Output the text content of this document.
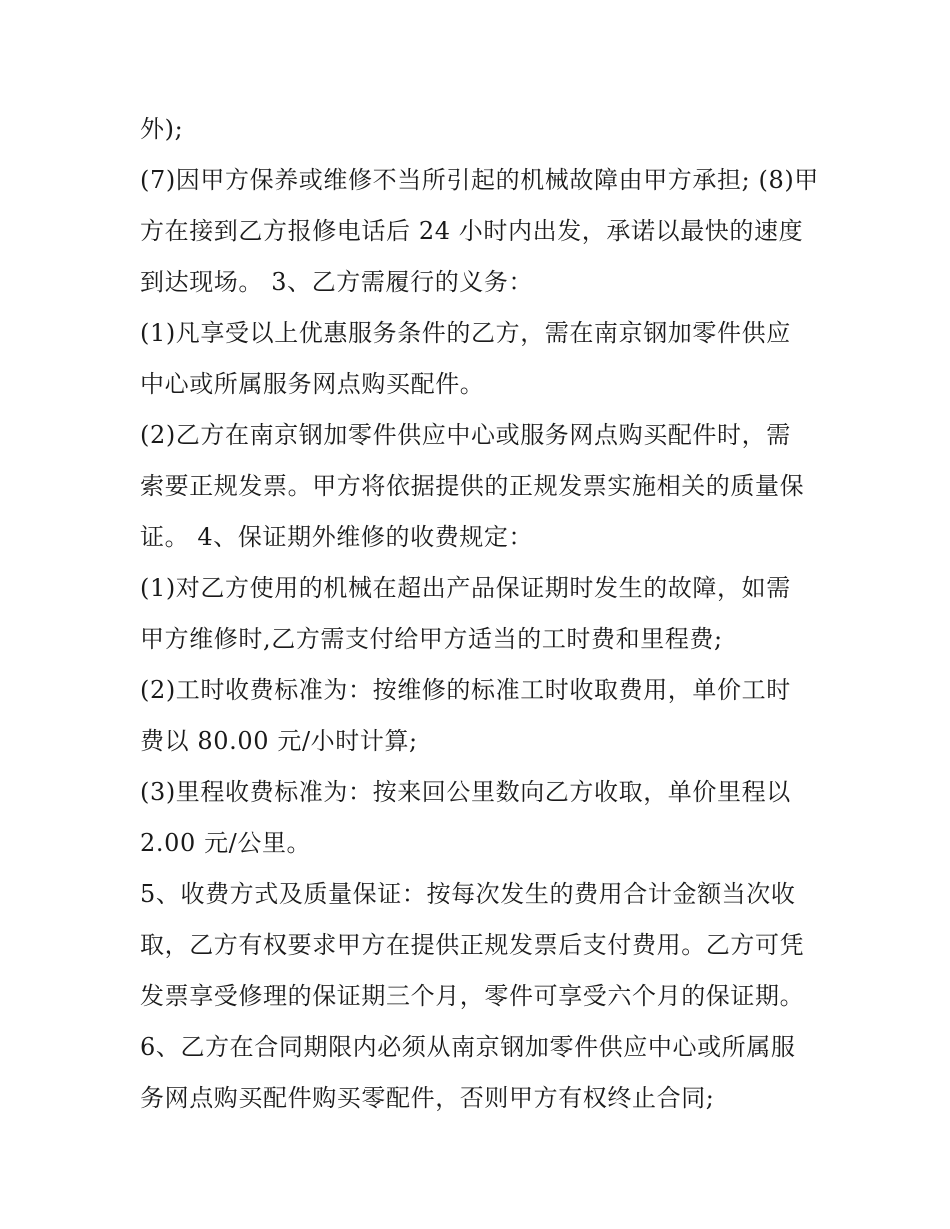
外);
(7)因甲方保养或维修不当所引起的机械故障由甲方承担; (8)甲
方在接到乙方报修电话后 24 小时内出发，承诺以最快的速度
到达现场。 3、乙方需履行的义务：
(1)凡享受以上优惠服务条件的乙方，需在南京钢加零件供应
中心或所属服务网点购买配件。
(2)乙方在南京钢加零件供应中心或服务网点购买配件时，需
索要正规发票。甲方将依据提供的正规发票实施相关的质量保
证。 4、保证期外维修的收费规定：
(1)对乙方使用的机械在超出产品保证期时发生的故障，如需
甲方维修时,乙方需支付给甲方适当的工时费和里程费;
(2)工时收费标准为：按维修的标准工时收取费用，单价工时
费以 80.00 元/小时计算;
(3)里程收费标准为：按来回公里数向乙方收取，单价里程以
2.00 元/公里。
5、收费方式及质量保证：按每次发生的费用合计金额当次收
取，乙方有权要求甲方在提供正规发票后支付费用。乙方可凭
发票享受修理的保证期三个月，零件可享受六个月的保证期。
6、乙方在合同期限内必须从南京钢加零件供应中心或所属服
务网点购买配件购买零配件，否则甲方有权终止合同;
